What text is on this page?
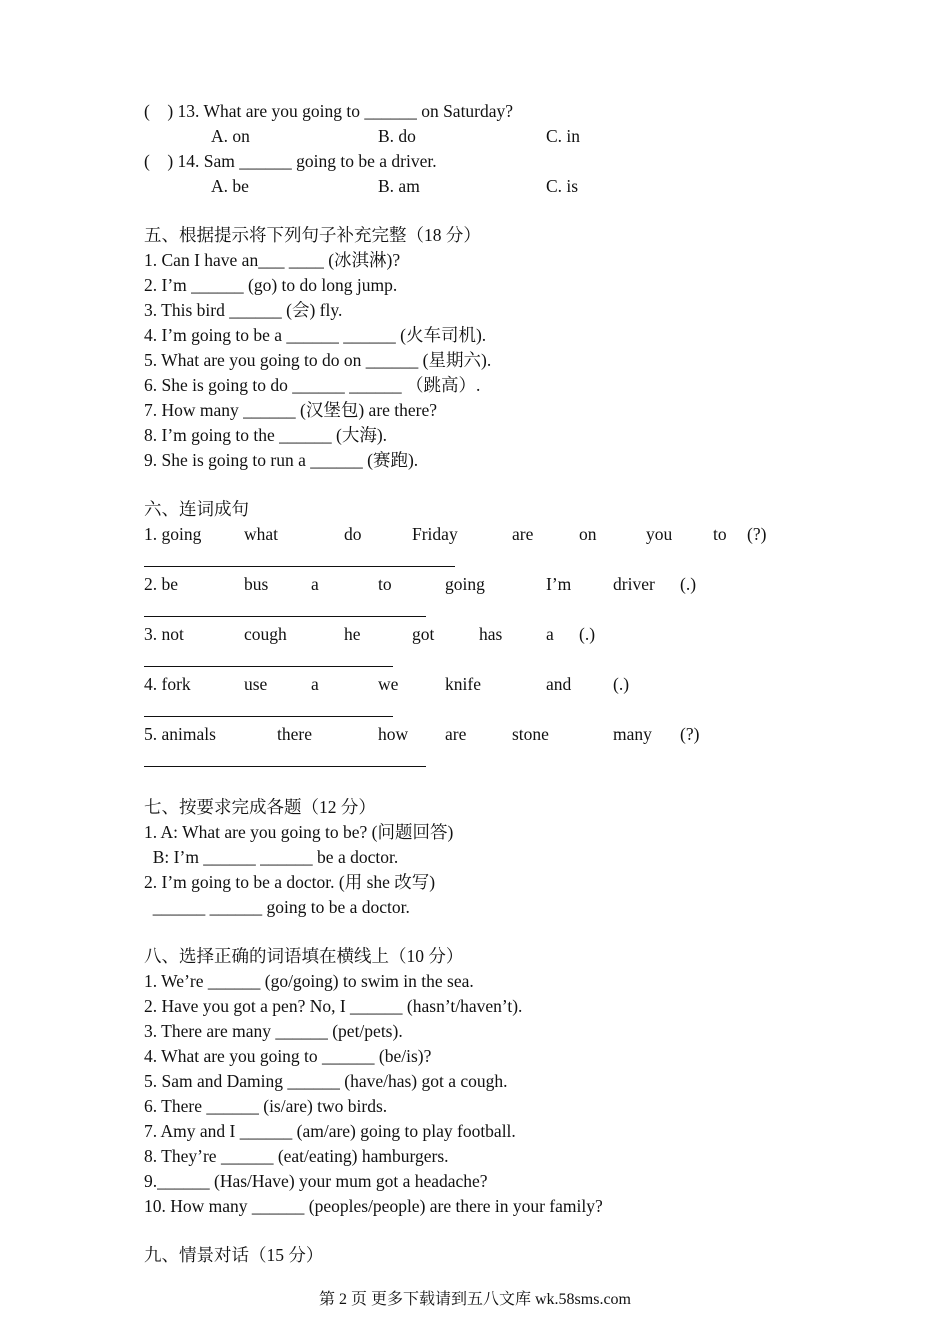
(    ) 13. What are you going to ______ on Saturday?
A. on	B. do	C. in
(    ) 14. Sam ______ going to be a driver.
A. be	B. am	C. is
五、根据提示将下列句子补充完整（18 分）
1. Can I have an___ ____ (冰淇淋)?
2. I’m ______ (go) to do long jump.
3. This bird ______ (会) fly.
4. I’m going to be a ______ ______ (火车司机).
5. What are you going to do on ______ (星期六).
6. She is going to do ______ ______ （跳高）.
7. How many ______ (汉堡包) are there?
8. I’m going to the ______ (大海).
9. She is going to run a ______ (赛跑).
六、连词成句
1. going what	do	Friday	are	on	you to (?)
2. be	bus a	to	going	I’m driver (.)
3. not	cough	he	got	has a (.)
4. fork	use a	we	knife	and (.)
5. animals	there	how are	stone	many (?)
七、按要求完成各题（12 分）
1. A: What are you going to be? (问题回答)
B: I’m ______ ______ be a doctor.
2. I’m going to be a doctor. (用 she 改写)
______ ______ going to be a doctor.
八、选择正确的词语填在横线上（10 分）
1. We’re ______ (go/going) to swim in the sea.
2. Have you got a pen? No, I ______ (hasn’t/haven’t).
3. There are many ______ (pet/pets).
4. What are you going to ______ (be/is)?
5. Sam and Daming ______ (have/has) got a cough.
6. There ______ (is/are) two birds.
7. Amy and I ______ (am/are) going to play football.
8. They’re ______ (eat/eating) hamburgers.
9.______ (Has/Have) your mum got a headache?
10. How many ______ (peoples/people) are there in your family?
九、情景对话（15 分）
第 2 页 更多下载请到五八文库 wk.58sms.com
